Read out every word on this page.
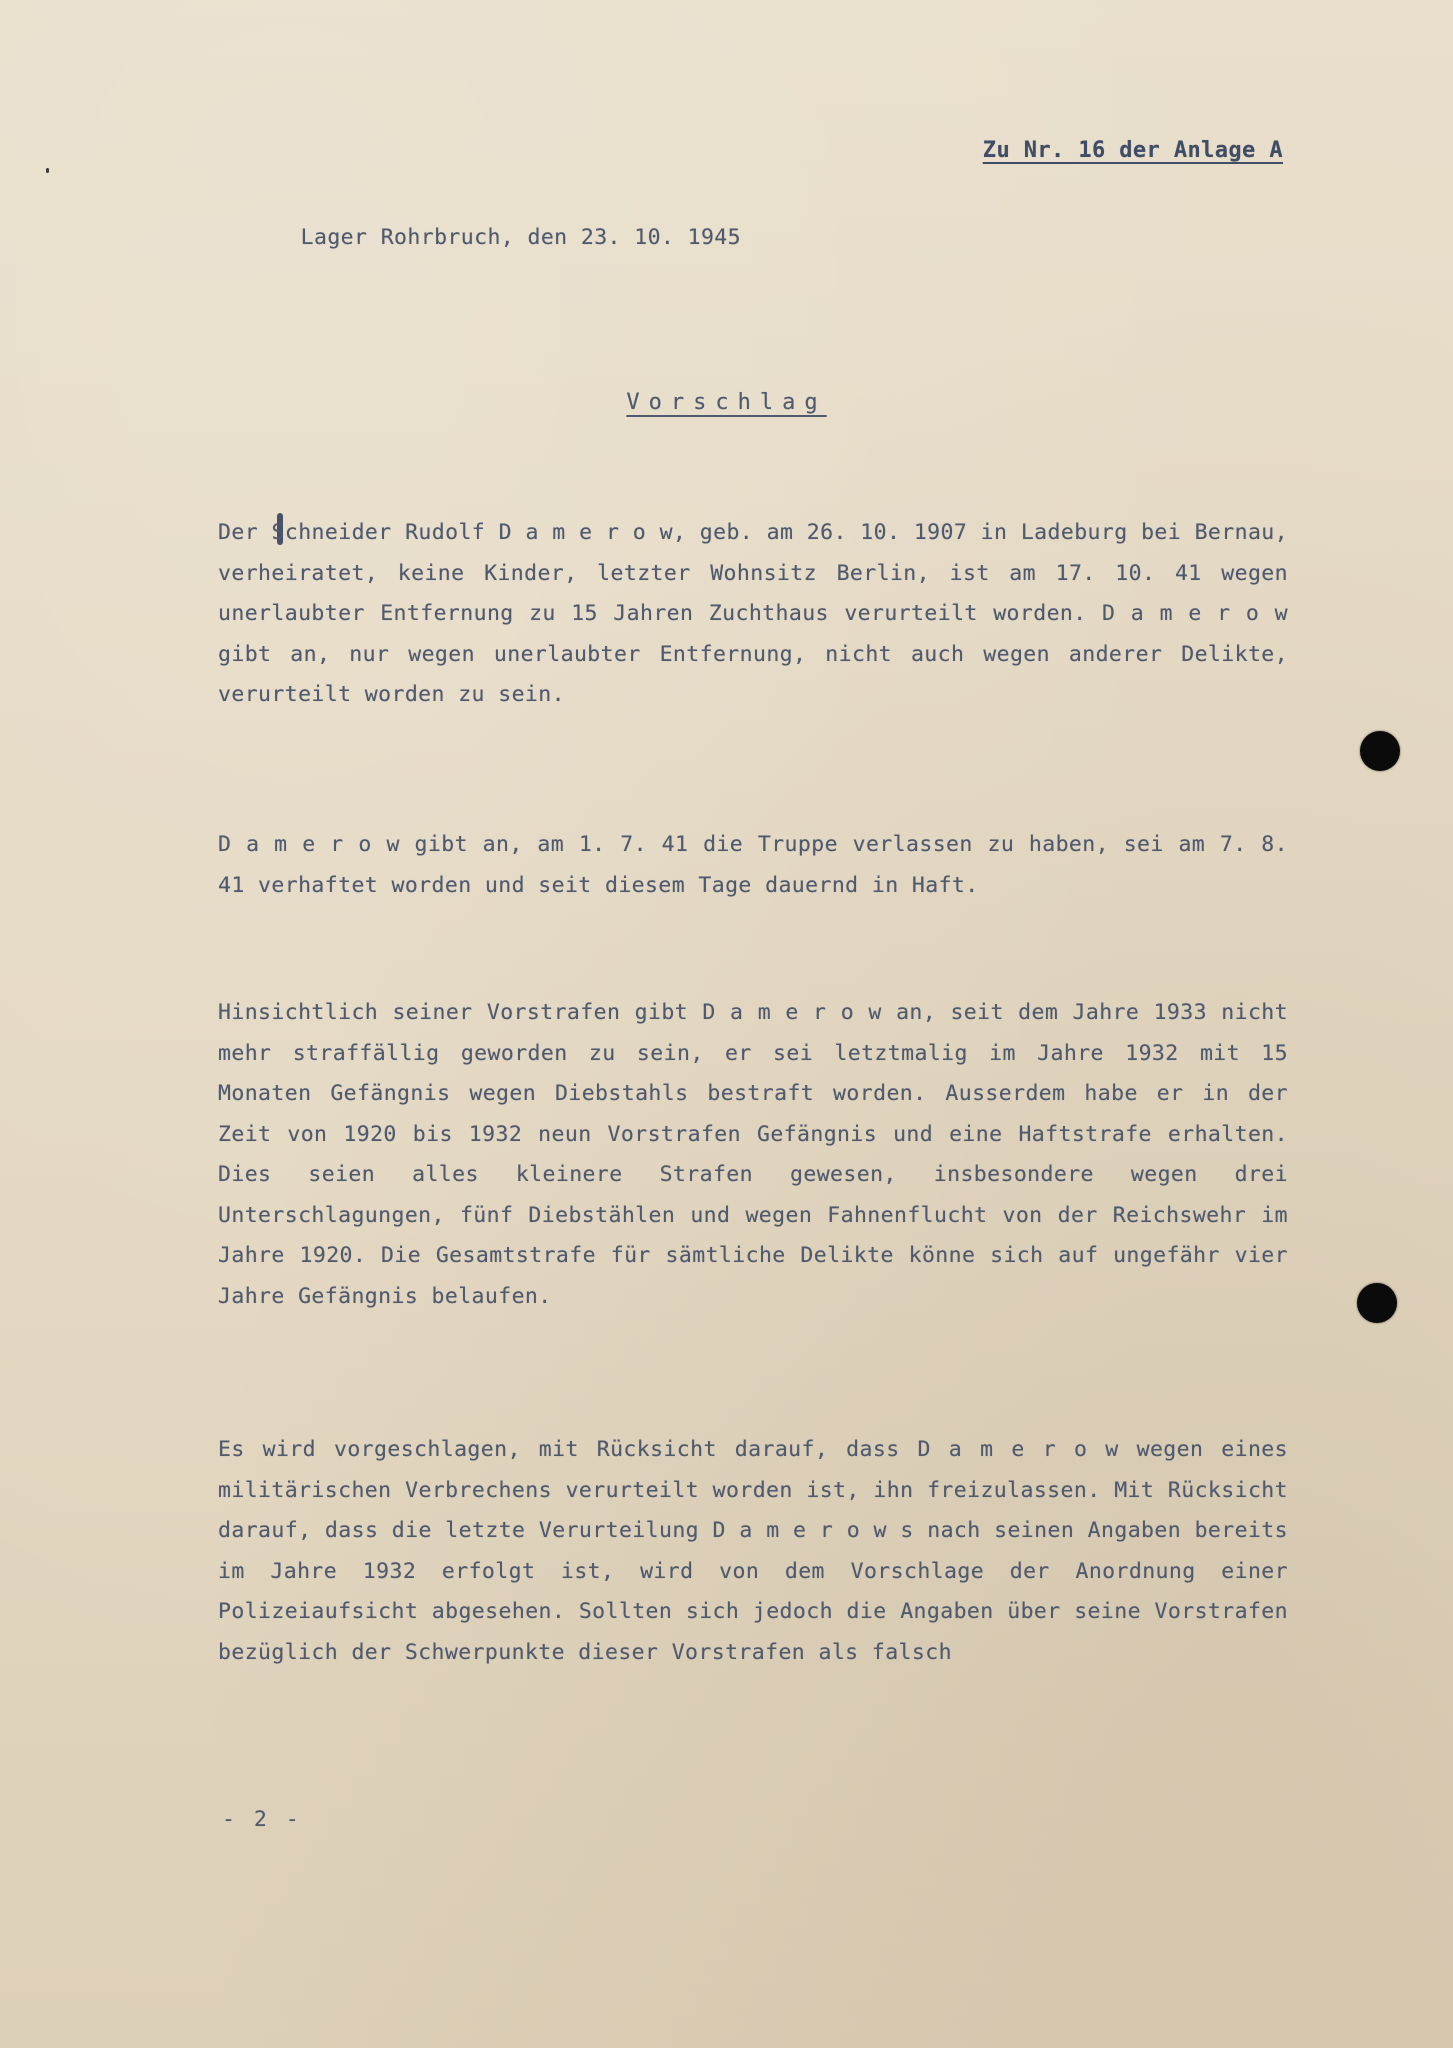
Zu Nr. 16 der Anlage A
Lager Rohrbruch, den 23. 10. 1945
Vorschlag

Der Schneider Rudolf D a m e r o w, geb. am 26. 10. 1907 in Ladeburg bei Bernau, verheiratet, keine Kinder, letzter Wohnsitz Berlin, ist am 17. 10. 41 wegen unerlaubter Entfernung zu 15 Jahren Zuchthaus verurteilt worden. D a m e r o w gibt an, nur wegen unerlaubter Entfernung, nicht auch wegen anderer Delikte, verurteilt worden zu sein.

D a m e r o w gibt an, am 1. 7. 41 die Truppe verlassen zu haben, sei am 7. 8. 41 verhaftet worden und seit diesem Tage dauernd in Haft.

Hinsichtlich seiner Vorstrafen gibt D a m e r o w an, seit dem Jahre 1933 nicht mehr straffällig geworden zu sein, er sei letztmalig im Jahre 1932 mit 15 Monaten Gefängnis wegen Diebstahls bestraft worden. Ausserdem habe er in der Zeit von 1920 bis 1932 neun Vorstrafen Gefängnis und eine Haftstrafe erhalten. Dies seien alles kleinere Strafen gewesen, insbesondere wegen drei Unterschlagungen, fünf Diebstählen und wegen Fahnenflucht von der Reichswehr im Jahre 1920. Die Gesamtstrafe für sämtliche Delikte könne sich auf ungefähr vier Jahre Gefängnis belaufen.

Es wird vorgeschlagen, mit Rücksicht darauf, dass D a m e r o w wegen eines militärischen Verbrechens verurteilt worden ist, ihn freizulassen. Mit Rücksicht darauf, dass die letzte Verurteilung D a m e r o w s nach seinen Angaben bereits im Jahre 1932 erfolgt ist, wird von dem Vorschlage der Anordnung einer Polizeiaufsicht abgesehen. Sollten sich jedoch die Angaben über seine Vorstrafen bezüglich der Schwerpunkte dieser Vorstrafen als falsch

- 2 -
